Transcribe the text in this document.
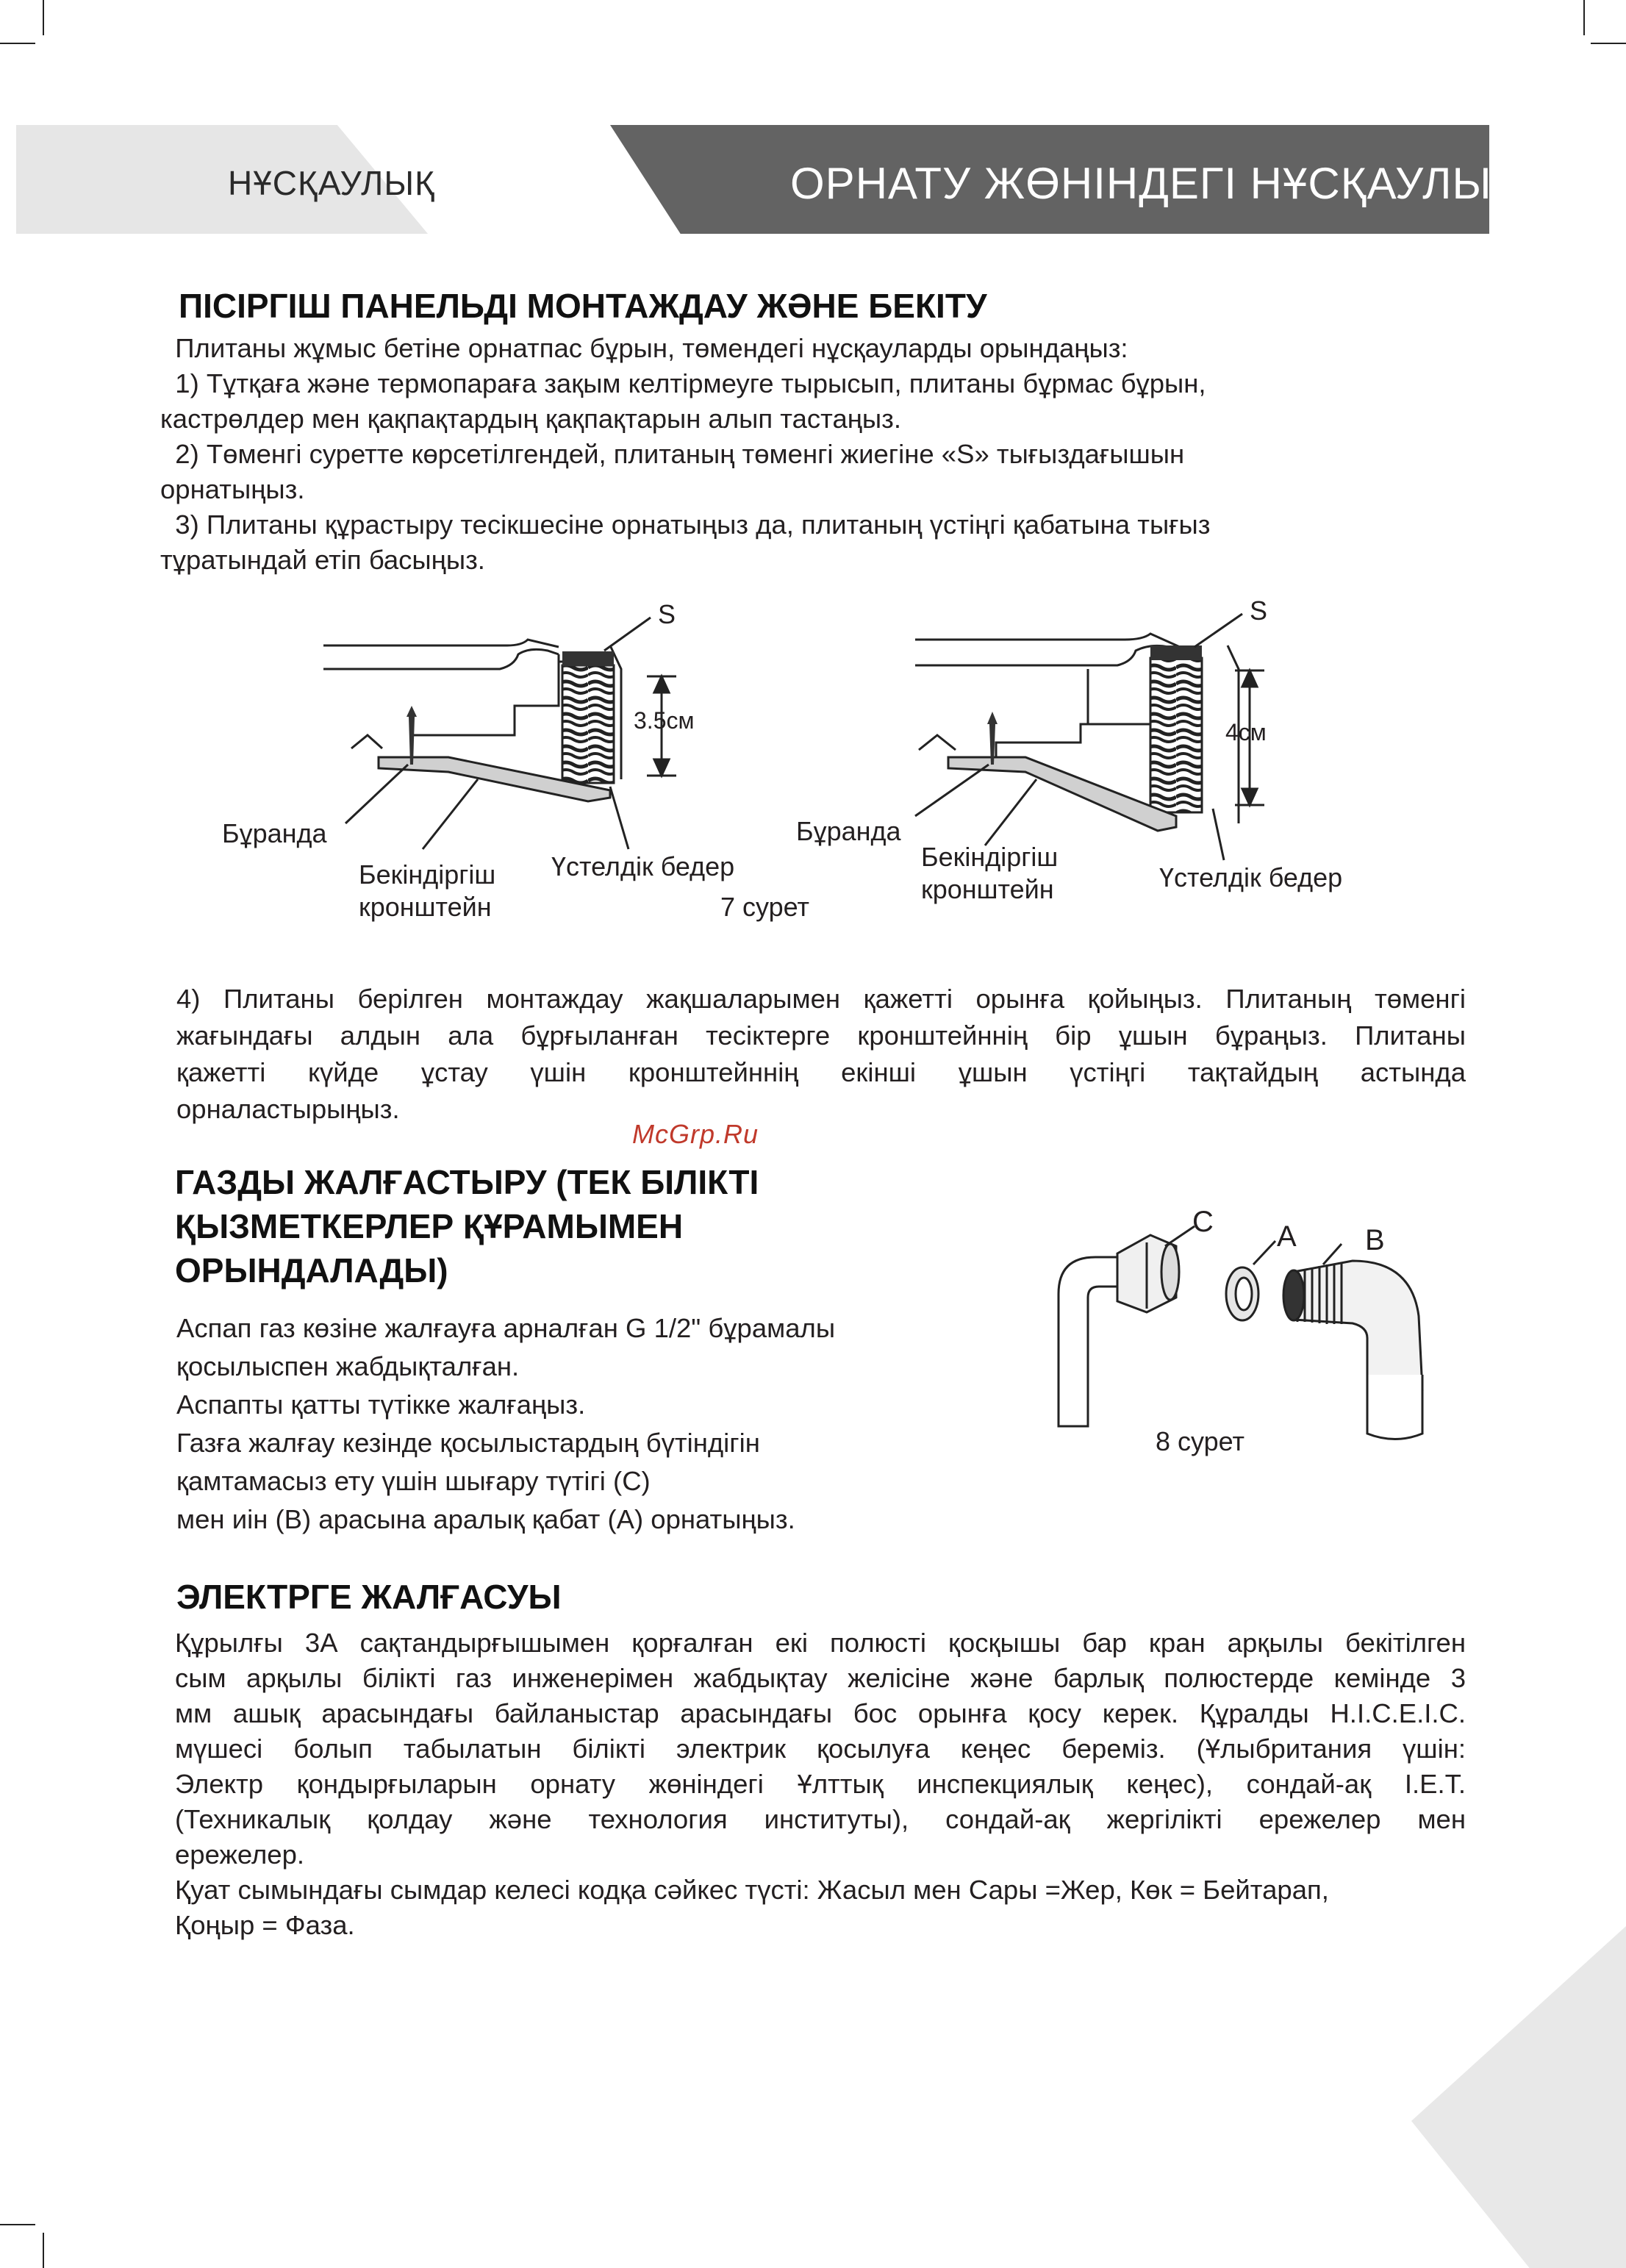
НҰСҚАУЛЫҚ	ОРНАТУ ЖӨНІНДЕГІ НҰСҚАУЛЫҚ
ПІСІРГІШ ПАНЕЛЬДІ МОНТАЖДАУ ЖӘНЕ БЕКІТУ
Плитаны жұмыс бетіне орнатпас бұрын, төмендегі нұсқауларды орындаңыз:
1) Тұтқаға және термопараға зақым келтірмеуге тырысып, плитаны бұрмас бұрын,
кастрөлдер мен қақпақтардың қақпақтарын алып тастаңыз.
2) Төменгі суретте көрсетілгендей, плитаның төменгі жиегіне «S» тығыздағышын
орнатыңыз.
3) Плитаны құрастыру тесікшесіне орнатыңыз да, плитаның үстіңгі қабатына тығыз
тұратындай етіп басыңыз.
S
3.5см
Бұранда
Бекіндіргіш
кронштейн
Үстелдік бедер
7 сурет
S
4см
Бұранда
Бекіндіргіш
кронштейн	Үстелдік бедер
4) Плитаны берілген монтаждау жақшаларымен қажетті орынға қойыңыз. Плитаның төменгі
жағындағы алдын ала бұрғыланған тесіктерге кронштейннің бір ұшын бұраңыз. Плитаны
қажетті күйде ұстау үшін кронштейннің екінші ұшын үстіңгі тақтайдың астында
орналастырыңыз.
McGrp.Ru
ГАЗДЫ ЖАЛҒАСТЫРУ (ТЕК БІЛІКТІ
ҚЫЗМЕТКЕРЛЕР ҚҰРАМЫМЕН
ОРЫНДАЛАДЫ)
Аспап газ көзіне жалғауға арналған G 1/2" бұрамалы
қосылыспен жабдықталған.
Аспапты қатты түтікке жалғаңыз.
Газға жалғау кезінде қосылыстардың бүтіндігін
қамтамасыз ету үшін шығару түтігі (С)
мен иін (В) арасына аралық қабат (А) орнатыңыз.
C A B
8 сурет
ЭЛЕКТРГЕ ЖАЛҒАСУЫ
Құрылғы 3А сақтандырғышымен қорғалған екі полюсті қосқышы бар кран арқылы бекітілген
сым арқылы білікті газ инженерімен жабдықтау желісіне және барлық полюстерде кемінде 3
мм ашық арасындағы байланыстар арасындағы бос орынға қосу керек. Құралды H.I.C.E.I.C.
мүшесі болып табылатын білікті электрик қосылуға кеңес береміз. (Ұлыбритания үшін:
Электр қондырғыларын орнату жөніндегі Ұлттық инспекциялық кеңес), сондай-ақ I.E.T.
(Техникалық қолдау және технология институты), сондай-ақ жергілікті ережелер мен
ережелер.
Қуат сымындағы сымдар келесі кодқа сәйкес түсті: Жасыл мен Сары =Жер, Көк = Бейтарап,
Қоңыр = Фаза.
